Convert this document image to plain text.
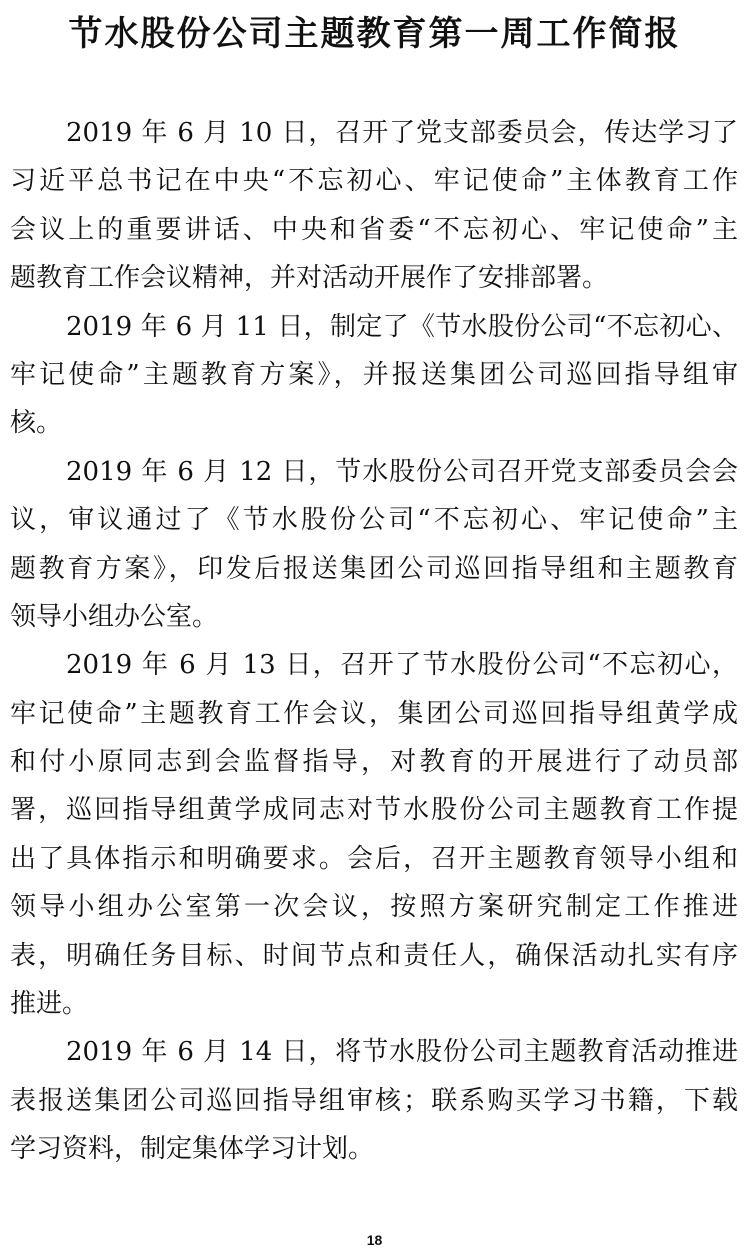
节水股份公司主题教育第一周工作简报
2019 年 6 月 10 日，召开了党支部委员会，传达学习了
习近平总书记在中央“不忘初心、牢记使命”主体教育工作
会议上的重要讲话、中央和省委“不忘初心、牢记使命”主
题教育工作会议精神，并对活动开展作了安排部署。
2019 年 6 月 11 日，制定了《节水股份公司“不忘初心、
牢记使命”主题教育方案》，并报送集团公司巡回指导组审
核。
2019 年 6 月 12 日，节水股份公司召开党支部委员会会
议，审议通过了《节水股份公司“不忘初心、牢记使命”主
题教育方案》，印发后报送集团公司巡回指导组和主题教育
领导小组办公室。
2019 年 6 月 13 日，召开了节水股份公司“不忘初心，
牢记使命”主题教育工作会议，集团公司巡回指导组黄学成
和付小原同志到会监督指导，对教育的开展进行了动员部
署，巡回指导组黄学成同志对节水股份公司主题教育工作提
出了具体指示和明确要求。会后，召开主题教育领导小组和
领导小组办公室第一次会议，按照方案研究制定工作推进
表，明确任务目标、时间节点和责任人，确保活动扎实有序
推进。
2019 年 6 月 14 日，将节水股份公司主题教育活动推进
表报送集团公司巡回指导组审核；联系购买学习书籍，下载
学习资料，制定集体学习计划。
18
